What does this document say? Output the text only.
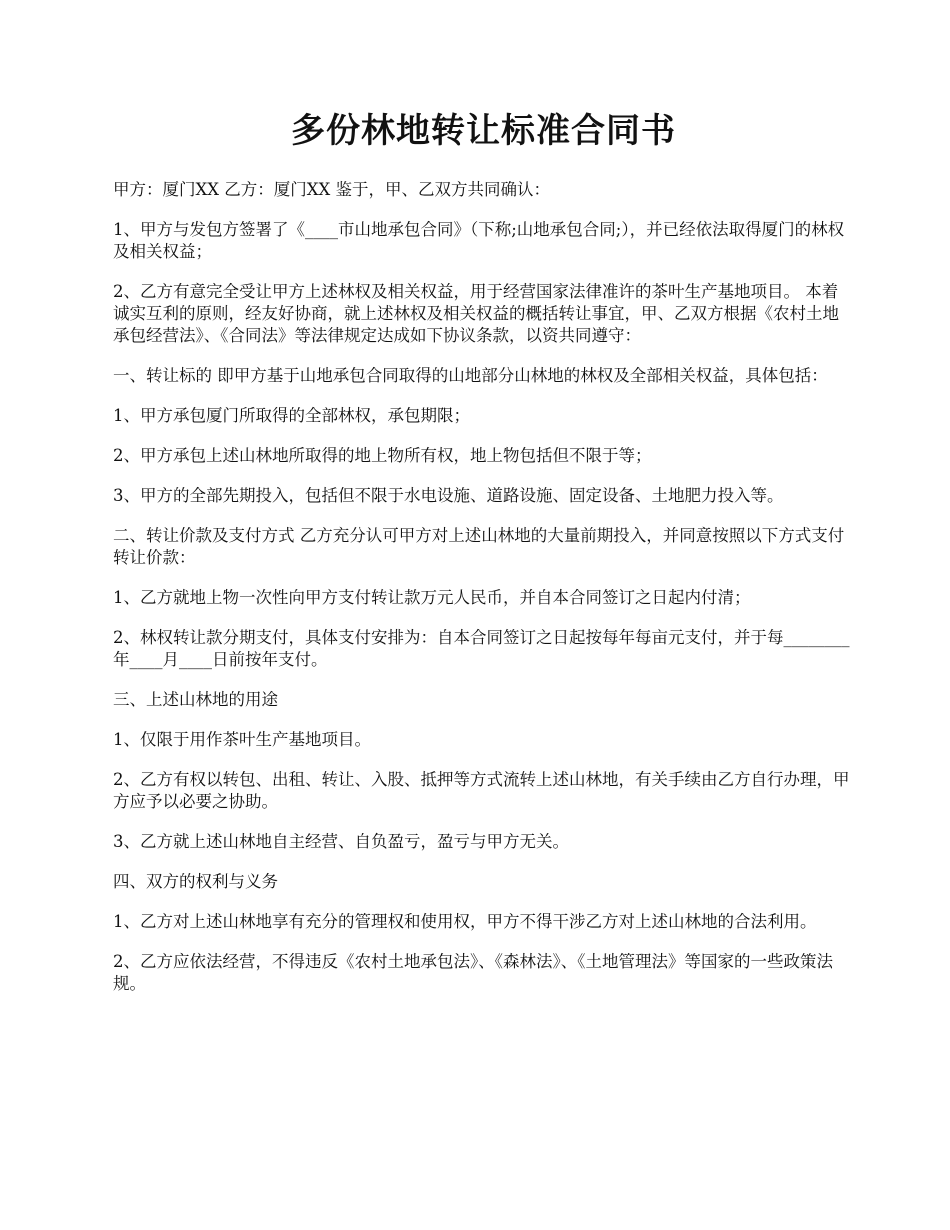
多份林地转让标准合同书

甲方：厦门XX 乙方：厦门XX 鉴于，甲、乙双方共同确认：

1、甲方与发包方签署了《____市山地承包合同》（下称;山地承包合同;），并已经依法取得厦门的林权及相关权益；

2、乙方有意完全受让甲方上述林权及相关权益，用于经营国家法律准许的茶叶生产基地项目。 本着诚实互利的原则，经友好协商，就上述林权及相关权益的概括转让事宜，甲、乙双方根据《农村土地承包经营法》、《合同法》等法律规定达成如下协议条款，以资共同遵守：

一、转让标的 即甲方基于山地承包合同取得的山地部分山林地的林权及全部相关权益，具体包括：

1、甲方承包厦门所取得的全部林权，承包期限；

2、甲方承包上述山林地所取得的地上物所有权，地上物包括但不限于等；

3、甲方的全部先期投入，包括但不限于水电设施、道路设施、固定设备、土地肥力投入等。

二、转让价款及支付方式 乙方充分认可甲方对上述山林地的大量前期投入，并同意按照以下方式支付转让价款：

1、乙方就地上物一次性向甲方支付转让款万元人民币，并自本合同签订之日起内付清；

2、林权转让款分期支付，具体支付安排为：自本合同签订之日起按每年每亩元支付，并于每________年____月____日前按年支付。

三、上述山林地的用途

1、仅限于用作茶叶生产基地项目。

2、乙方有权以转包、出租、转让、入股、抵押等方式流转上述山林地，有关手续由乙方自行办理，甲方应予以必要之协助。

3、乙方就上述山林地自主经营、自负盈亏，盈亏与甲方无关。

四、双方的权利与义务

1、乙方对上述山林地享有充分的管理权和使用权，甲方不得干涉乙方对上述山林地的合法利用。

2、乙方应依法经营，不得违反《农村土地承包法》、《森林法》、《土地管理法》等国家的一些政策法规。
